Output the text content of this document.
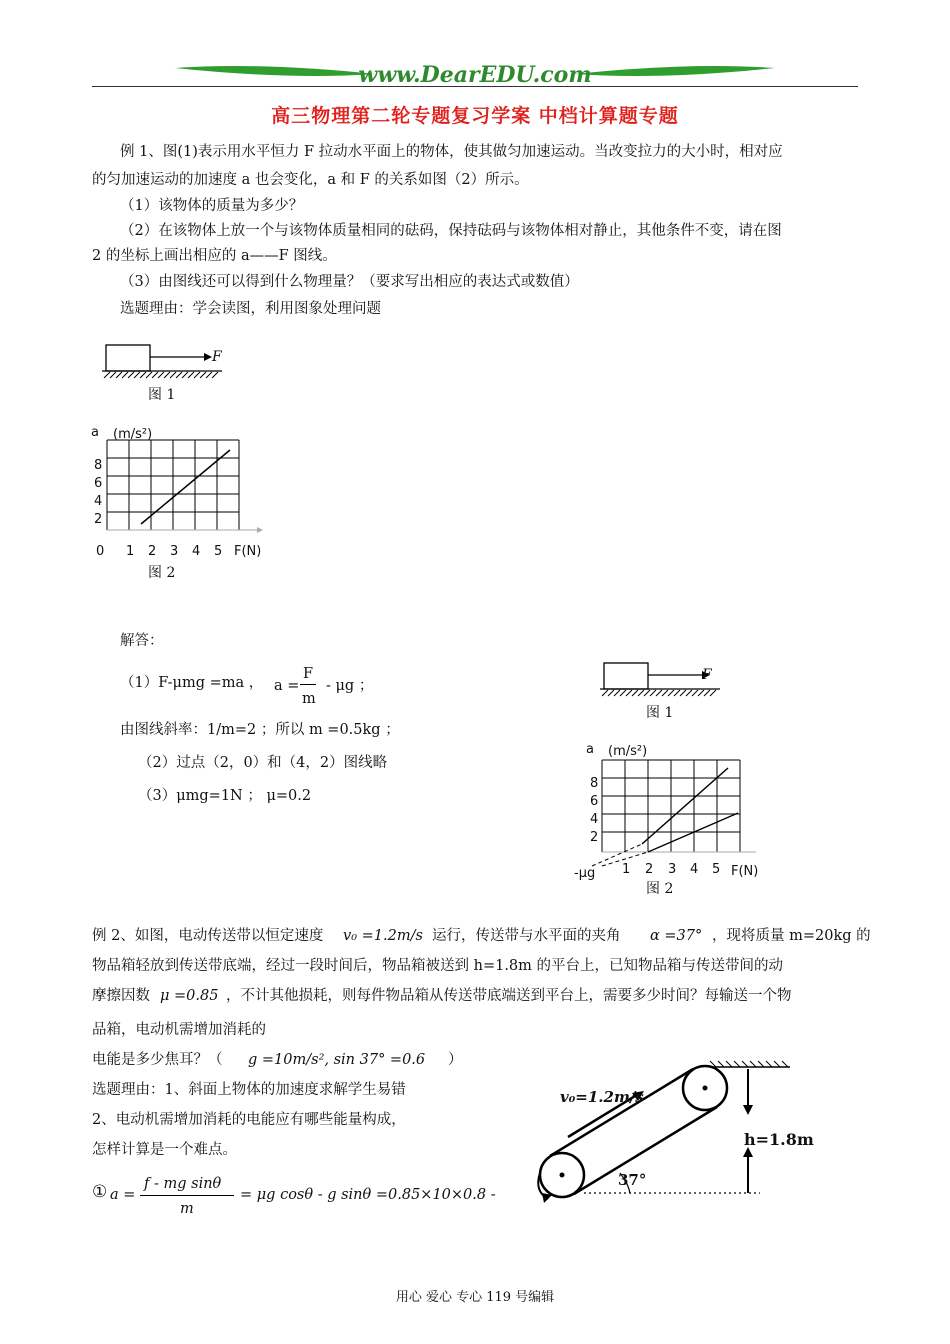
www.DearEDU.com
高三物理第二轮专题复习学案 中档计算题专题
例 1、图(1)表示用水平恒力 F 拉动水平面上的物体，使其做匀加速运动。当改变拉力的大小时，相对应
的匀加速运动的加速度 a 也会变化，a 和 F 的关系如图（2）所示。
（1）该物体的质量为多少？
（2）在该物体上放一个与该物体质量相同的砝码，保持砝码与该物体相对静止，其他条件不变，请在图
2 的坐标上画出相应的 a——F 图线。
（3）由图线还可以得到什么物理量？（要求写出相应的表达式或数值）
选题理由：学会读图，利用图象处理问题
F
图 1
a (m/s²)
8
6
4
2
0 1 2 3 4 5 F(N)
图 2
解答：
（1）F-μmg =ma ， a =
F
m
- μg ；
由图线斜率：1/m=2 ；所以 m =0.5kg ；
（2）过点（2，0）和（4，2）图线略
（3）μmg=1N ； μ=0.2
F
图 1
a (m/s²)
8
6
4
2
-μg 1 2 3 4 5 F(N)
图 2
例 2、如图，电动传送带以恒定速度 v₀ =1.2m/s 运行，传送带与水平面的夹角 α =37° ，现将质量 m=20kg 的
物品箱轻放到传送带底端，经过一段时间后，物品箱被送到 h=1.8m 的平台上，已知物品箱与传送带间的动
摩擦因数 μ =0.85 ，不计其他损耗，则每件物品箱从传送带底端送到平台上，需要多少时间？每输送一个物
品箱，电动机需增加消耗的
电能是多少焦耳？（ g =10m/s², sin 37° =0.6 ）
选题理由：1、斜面上物体的加速度求解学生易错
2、电动机需增加消耗的电能应有哪些能量构成，
怎样计算是一个难点。
① a =
f - mg sinθ
m
= μg cosθ - g sinθ =0.85×10×0.8 -
v₀=1.2m/s
h=1.8m
37°
用心 爱心 专心 119 号编辑
